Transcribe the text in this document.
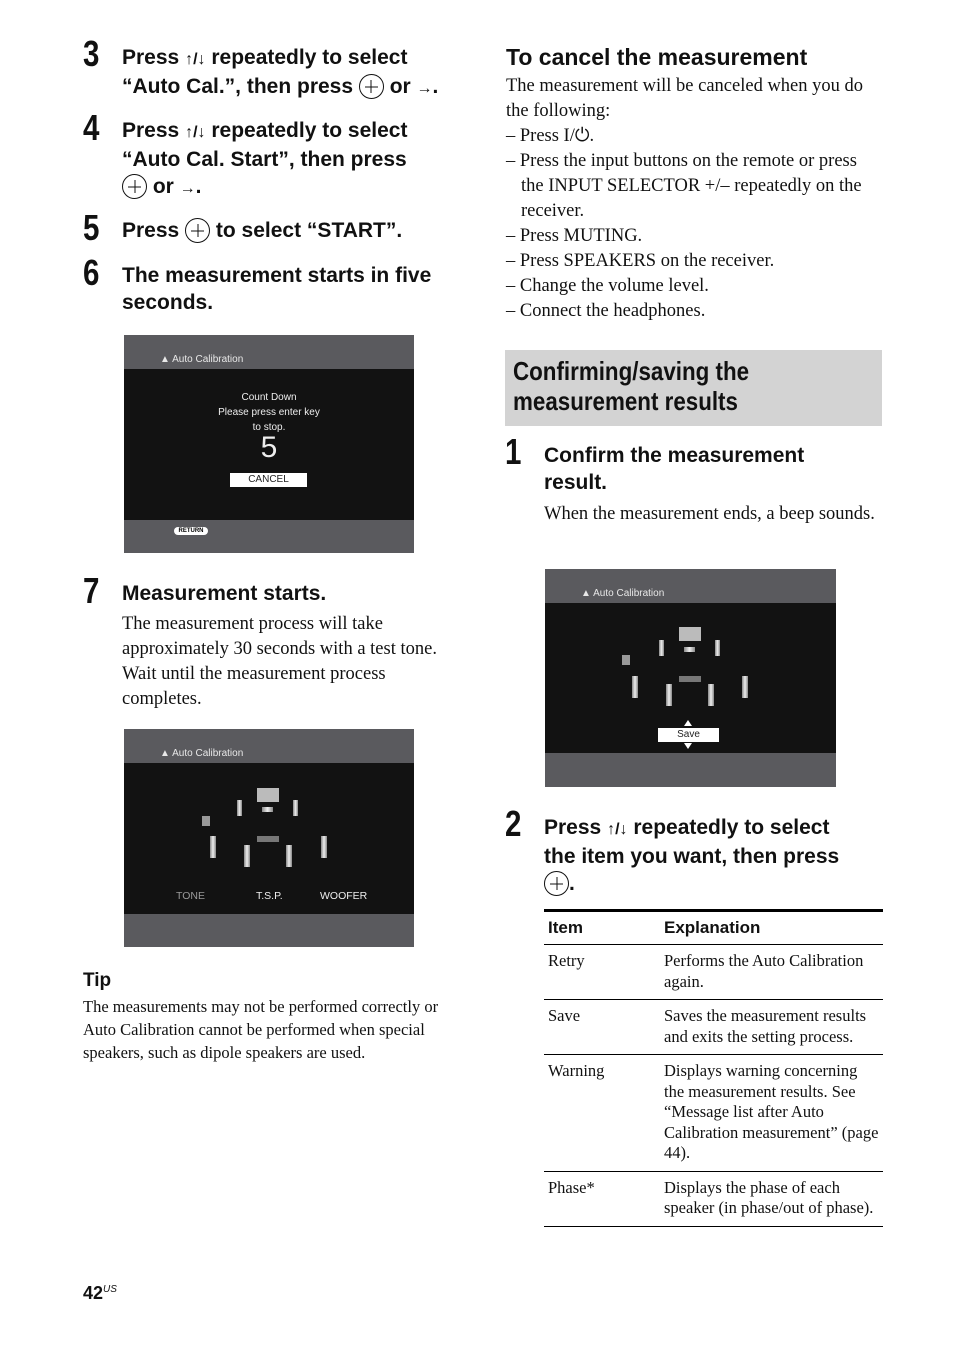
3 Press ↑/↓ repeatedly to select
“Auto Cal.”, then press  or →.
4 Press ↑/↓ repeatedly to select
“Auto Cal. Start”, then press
or →.
5 Press  to select “START”.
6 The measurement starts in five
seconds.
▲︎ Auto Calibration
Count Down
Please press enter key
to stop.
5
CANCEL
RETURN
7 Measurement starts.
The measurement process will take approximately 30 seconds with a test tone. Wait until the measurement process completes.
▲︎ Auto Calibration
TONE	T.S.P.	WOOFER
Tip
The measurements may not be performed correctly or Auto Calibration cannot be performed when special speakers, such as dipole speakers are used.
To cancel the measurement
The measurement will be canceled when you do the following:
– Press I/⏻.
– Press the input buttons on the remote or press the INPUT SELECTOR +/– repeatedly on the receiver.
– Press MUTING.
– Press SPEAKERS on the receiver.
– Change the volume level.
– Connect the headphones.
Confirming/saving the
measurement results
1 Confirm the measurement
result.
When the measurement ends, a beep sounds.
▲︎ Auto Calibration
Save
2 Press ↑/↓ repeatedly to select
the item you want, then press
.
Item	Explanation
Retry	Performs the Auto Calibration again.
Save	Saves the measurement results and exits the setting process.
Warning	Displays warning concerning the measurement results. See “Message list after Auto Calibration measurement” (page 44).
Phase*	Displays the phase of each speaker (in phase/out of phase).
$42^{US}$
